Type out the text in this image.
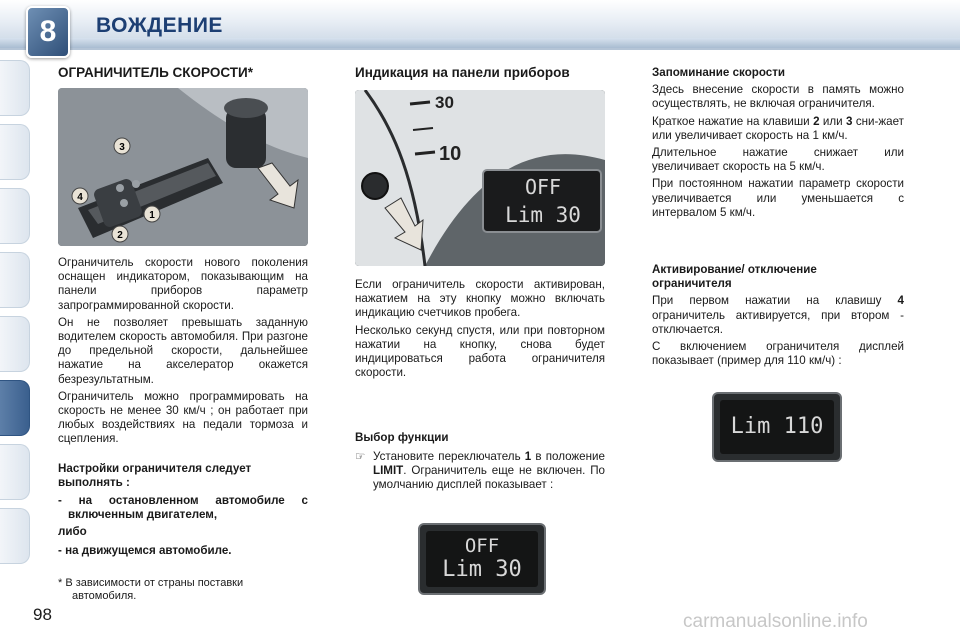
8 ВОЖДЕНИЕ
ОГРАНИЧИТЕЛЬ СКОРОСТИ*
3
4
1
2

Ограничитель скорости нового поколения оснащен индикатором, показывающим на панели приборов параметр запрограммированной скорости.

Он не позволяет превышать заданную водителем скорость автомобиля. При разгоне до предельной скорости, дальнейшее нажатие на акселератор окажется безрезультатным.

Ограничитель можно программировать на скорость не менее 30 км/ч ; он работает при любых воздействиях на педали тормоза и сцепления.

Настройки ограничителя следует выполнять :

- на остановленном автомобиле с включенным двигателем,

либо

- на движущемся автомобиле.

* В зависимости от страны поставки автомобиля.
98
Индикация на панели приборов
30
10
OFF
Lim 30

Если ограничитель скорости активирован, нажатием на эту кнопку можно включать индикацию счетчиков пробега.

Несколько секунд спустя, или при повторном нажатии на кнопку, снова будет индицироваться работа ограничителя скорости.

Выбор функции

☞ Установите переключатель 1 в положение LIMIT. Ограничитель еще не включен. По умолчанию дисплей показывает :

OFF
Lim 30
Запоминание скорости

Здесь внесение скорости в память можно осуществлять, не включая ограничителя.

Краткое нажатие на клавиши 2 или 3 сни-жает или увеличивает скорость на 1 км/ч.

Длительное нажатие снижает или увеличивает скорость на 5 км/ч.

При постоянном нажатии параметр скорости увеличивается или уменьшается с интервалом 5 км/ч.

Активирование/ отключение ограничителя

При первом нажатии на клавишу 4 ограничитель активируется, при втором - отключается.

С включением ограничителя дисплей показывает (пример для 110 км/ч) :

Lim 110
carmanualsonline.info
